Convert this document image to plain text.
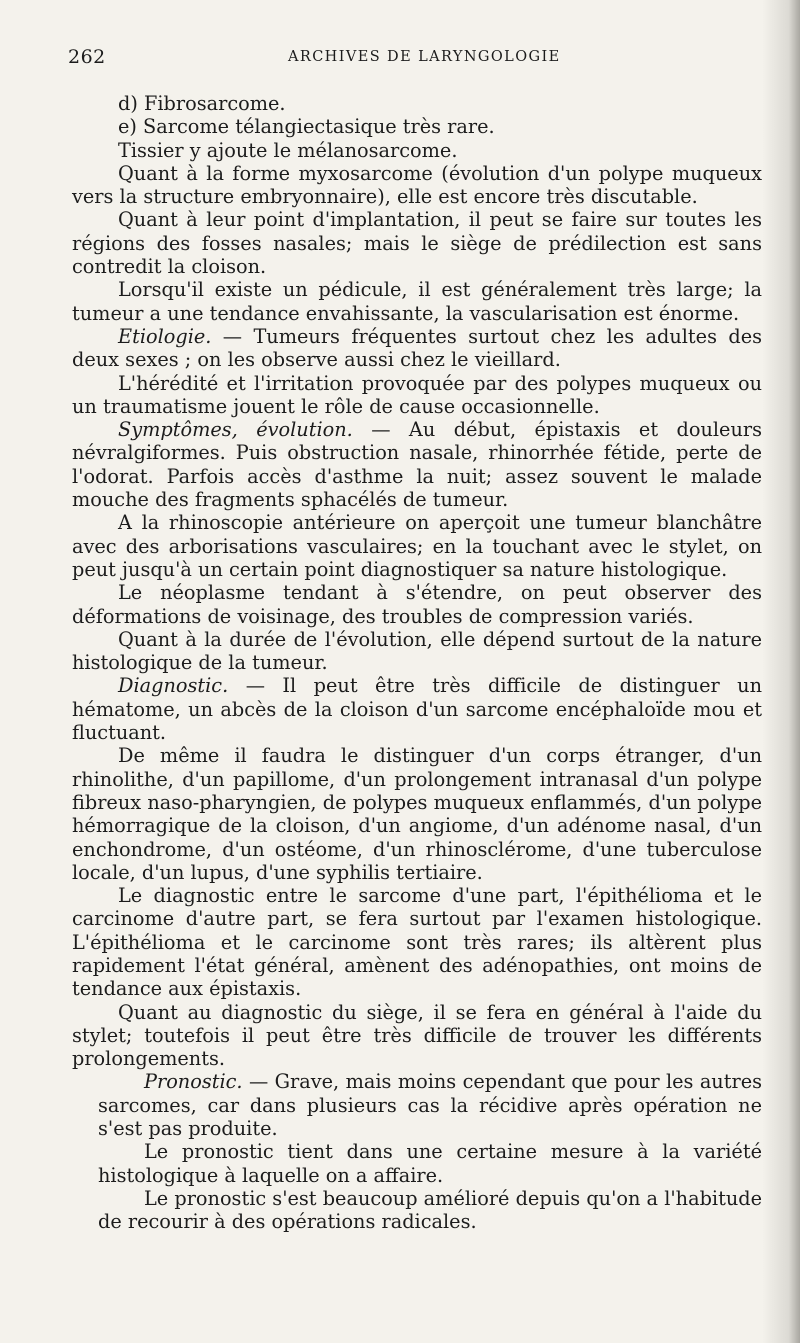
262	ARCHIVES DE LARYNGOLOGIE

d) Fibrosarcome.

e) Sarcome télangiectasique très rare.

Tissier y ajoute le mélanosarcome.

Quant à la forme myxosarcome (évolution d'un polype muqueux vers la structure embryonnaire), elle est encore très discutable.

Quant à leur point d'implantation, il peut se faire sur toutes les régions des fosses nasales; mais le siège de prédilection est sans contredit la cloison.

Lorsqu'il existe un pédicule, il est généralement très large; la tumeur a une tendance envahissante, la vascularisation est énorme.

Etiologie. — Tumeurs fréquentes surtout chez les adultes des deux sexes ; on les observe aussi chez le vieillard.

L'hérédité et l'irritation provoquée par des polypes muqueux ou un traumatisme jouent le rôle de cause occasionnelle.

Symptômes, évolution. — Au début, épistaxis et douleurs névralgiformes. Puis obstruction nasale, rhinorrhée fétide, perte de l'odorat. Parfois accès d'asthme la nuit; assez souvent le malade mouche des fragments sphacélés de tumeur.

A la rhinoscopie antérieure on aperçoit une tumeur blanchâtre avec des arborisations vasculaires; en la touchant avec le stylet, on peut jusqu'à un certain point diagnostiquer sa nature histologique.

Le néoplasme tendant à s'étendre, on peut observer des déformations de voisinage, des troubles de compression variés.

Quant à la durée de l'évolution, elle dépend surtout de la nature histologique de la tumeur.

Diagnostic. — Il peut être très difficile de distinguer un hématome, un abcès de la cloison d'un sarcome encéphaloïde mou et fluctuant.

De même il faudra le distinguer d'un corps étranger, d'un rhinolithe, d'un papillome, d'un prolongement intranasal d'un polype fibreux naso-pharyngien, de polypes muqueux enflammés, d'un polype hémorragique de la cloison, d'un angiome, d'un adénome nasal, d'un enchondrome, d'un ostéome, d'un rhinosclérome, d'une tuberculose locale, d'un lupus, d'une syphilis tertiaire.

Le diagnostic entre le sarcome d'une part, l'épithélioma et le carcinome d'autre part, se fera surtout par l'examen histologique. L'épithélioma et le carcinome sont très rares; ils altèrent plus rapidement l'état général, amènent des adénopathies, ont moins de tendance aux épistaxis.

Quant au diagnostic du siège, il se fera en général à l'aide du stylet; toutefois il peut être très difficile de trouver les différents prolongements.

Pronostic. — Grave, mais moins cependant que pour les autres sarcomes, car dans plusieurs cas la récidive après opération ne s'est pas produite.

Le pronostic tient dans une certaine mesure à la variété histologique à laquelle on a affaire.

Le pronostic s'est beaucoup amélioré depuis qu'on a l'habitude de recourir à des opérations radicales.
